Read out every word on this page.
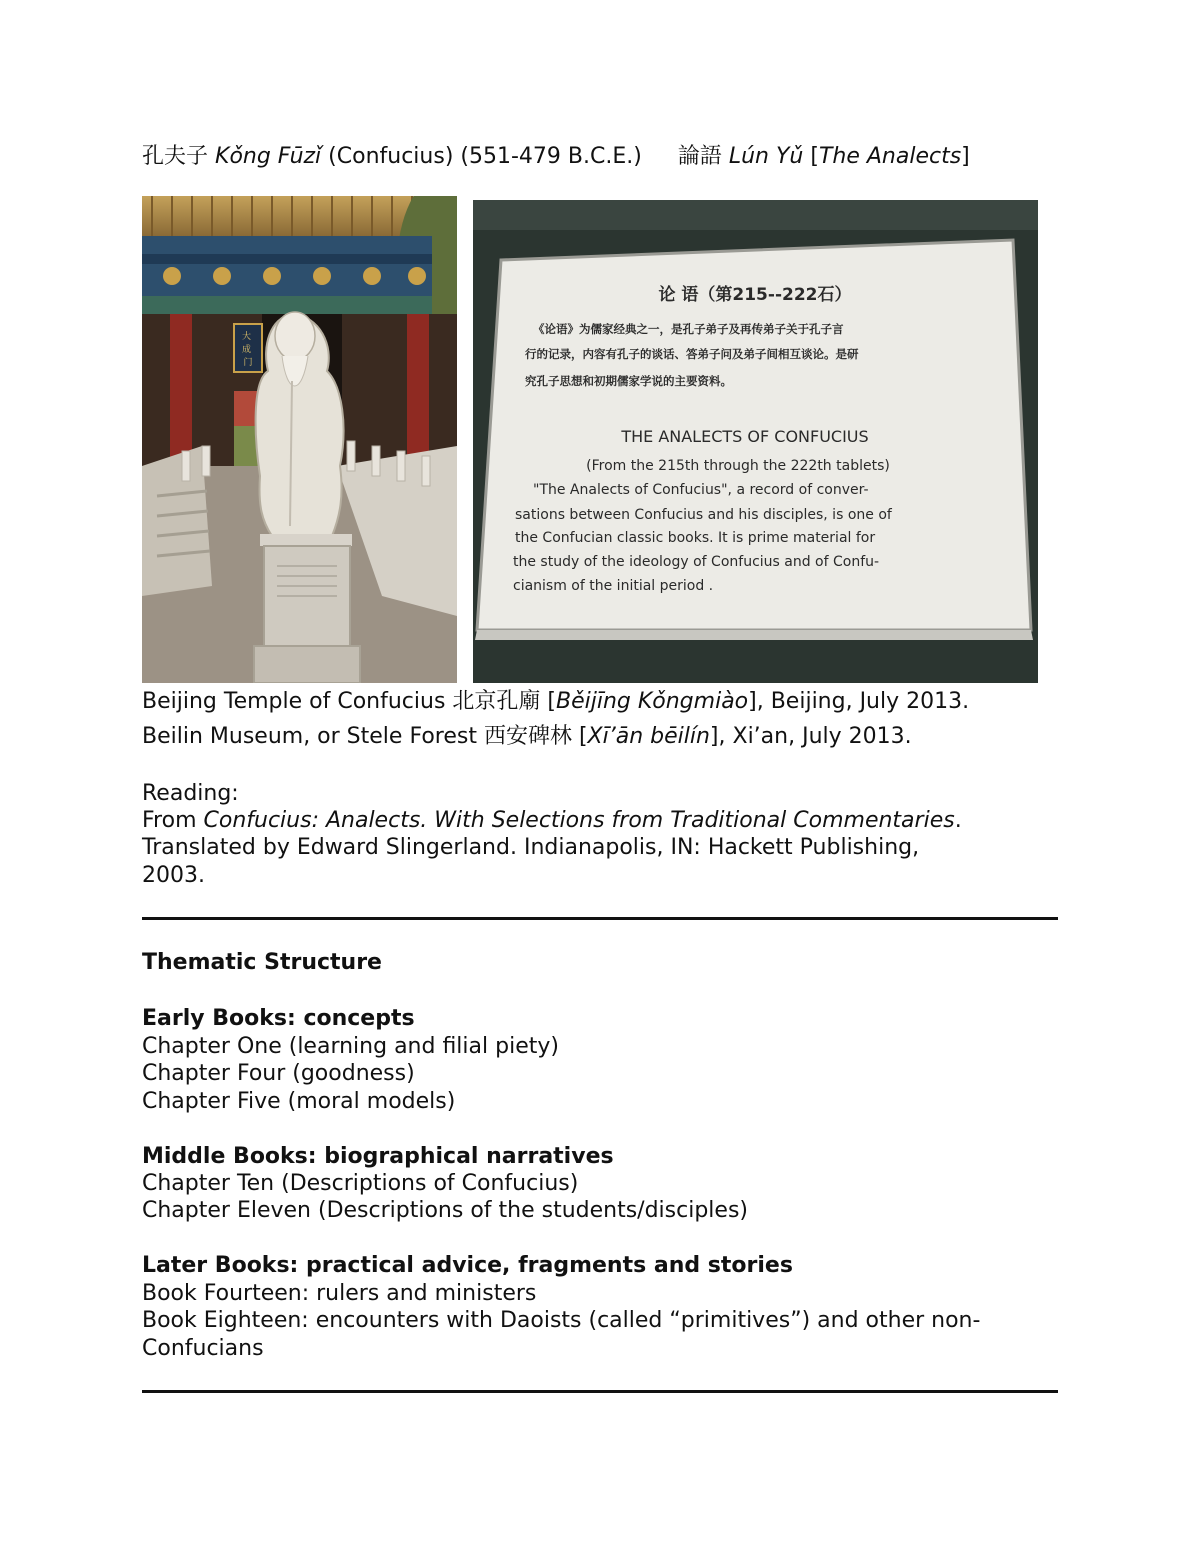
孔夫子 Kǒng Fūzǐ (Confucius) (551-479 B.C.E.) 論語 Lún Yǔ [The Analects]
大 成 门
论 语（第215--222石）
《论语》为儒家经典之一，是孔子弟子及再传弟子关于孔子言
行的记录，内容有孔子的谈话、答弟子问及弟子间相互谈论。是研
究孔子思想和初期儒家学说的主要资料。
THE ANALECTS OF CONFUCIUS
(From the 215th through the 222th tablets)
"The Analects of Confucius", a record of conver-
sations between Confucius and his disciples, is one of
the Confucian classic books. It is prime material for
the study of the ideology of Confucius and of Confu-
cianism of the initial period .
Beijing Temple of Confucius 北京孔廟 [Běijīng Kǒngmiào], Beijing, July 2013.
Beilin Museum, or Stele Forest 西安碑林 [Xī’ān bēilín], Xi’an, July 2013.
Reading:
From Confucius: Analects. With Selections from Traditional Commentaries.
Translated by Edward Slingerland. Indianapolis, IN: Hackett Publishing,
2003.
Thematic Structure
Early Books: concepts
Chapter One (learning and filial piety)
Chapter Four (goodness)
Chapter Five (moral models)
Middle Books: biographical narratives
Chapter Ten (Descriptions of Confucius)
Chapter Eleven (Descriptions of the students/disciples)
Later Books: practical advice, fragments and stories
Book Fourteen: rulers and ministers
Book Eighteen: encounters with Daoists (called “primitives”) and other non-
Confucians
